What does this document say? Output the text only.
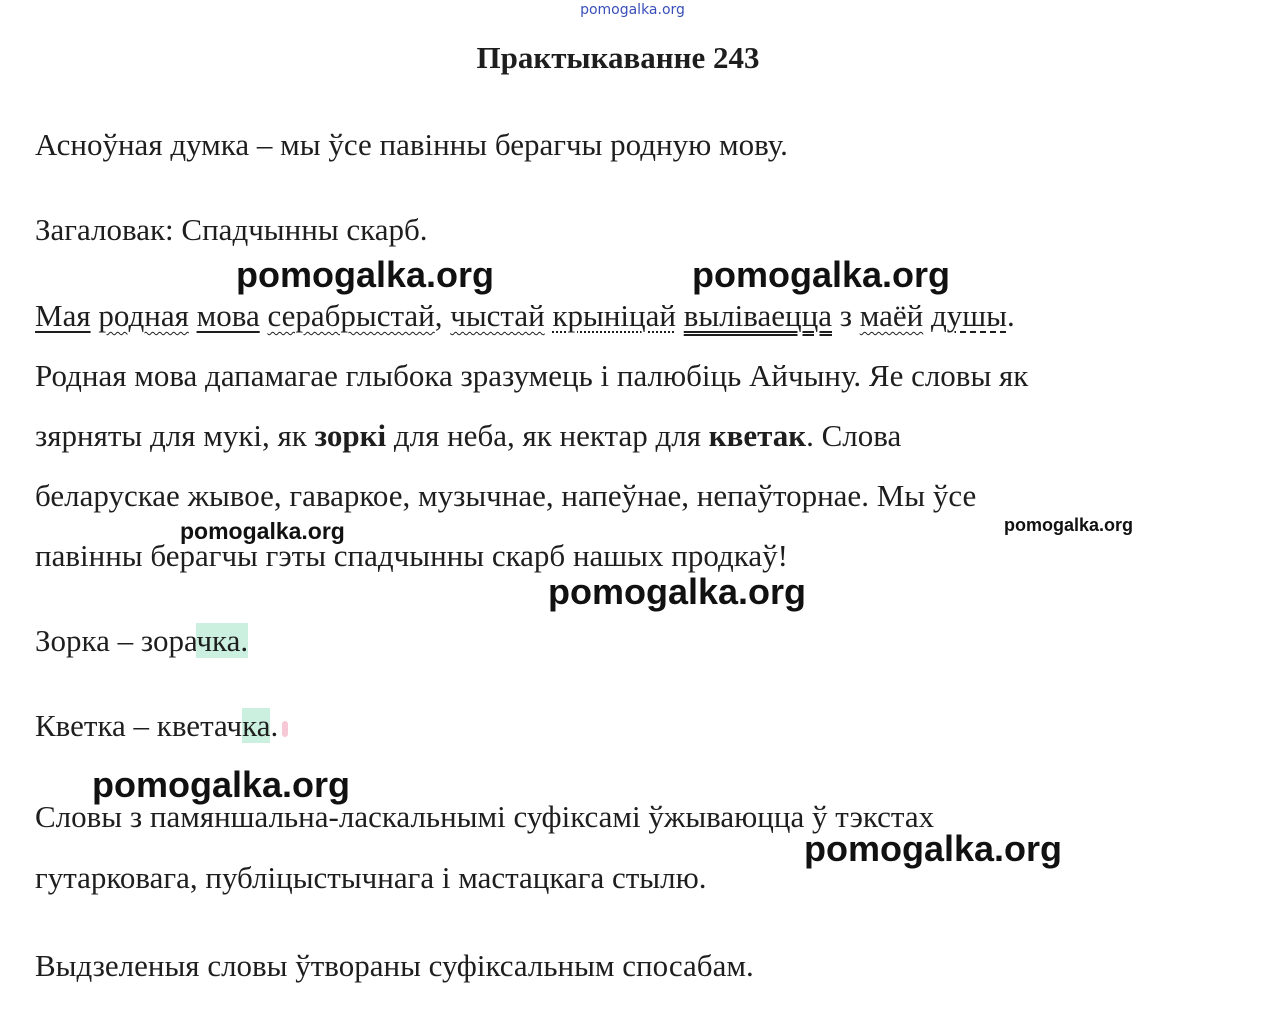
pomogalka.org
Практыкаванне 243
Асноўная думка – мы ўсе павінны берагчы родную мову.
Загаловак: Спадчынны скарб.
Мая роднaя мова серабрыстай, чыстай крыніцай выліваецца з маёй душы.
Родная мова дапамагае глыбока зразумець і палюбіць Айчыну. Яе словы як
зярняты для мукі, як зоркі для неба, як нектар для кветак. Слова
беларускае жывое, гаваркое, музычнае, напеўнае, непаўторнае. Мы ўсе
павінны берагчы гэты спадчынны скарб нашых продкаў!
Зорка – зорачка.
Кветка – кветачка.
Словы з памяншальна-ласкальнымі суфіксамі ўжываюцца ў тэкстах
гутарковага, публіцыстычнага і мастацкага стылю.
Выдзеленыя словы ўтвораны суфіксальным спосабам.
pomogalka.org	pomogalka.org
pomogalka.org	pomogalka.org
pomogalka.org
pomogalka.org
pomogalka.org
